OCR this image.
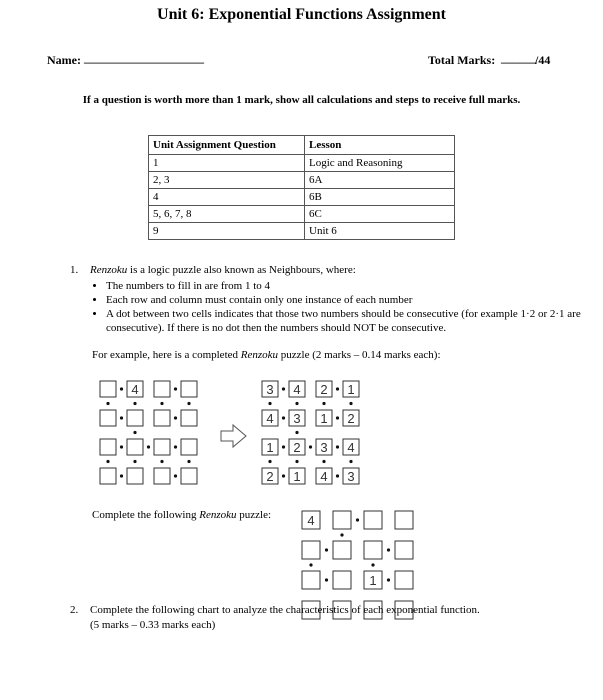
Unit 6: Exponential Functions Assignment
Name: ____________________	Total Marks: ______
/44
If a question is worth more than 1 mark, show all calculations and steps to receive full marks.
Unit Assignment Question	Lesson
1	Logic and Reasoning
2, 3	6A
4	6B
5, 6, 7, 8	6C
9	Unit 6
1. Renzoku is a logic puzzle also known as Neighbours, where:
• The numbers to fill in are from 1 to 4
• Each row and column must contain only one instance of each number
• A dot between two cells indicates that those two numbers should be consecutive (for example 1·2 or 2·1 are consecutive). If there is no dot then the numbers should NOT be consecutive.
For example, here is a completed Renzoku puzzle (2 marks – 0.14 marks each):
Complete the following Renzoku puzzle:
4	3 4 2 1
4 3 1 2
1 2 3 4
2 1 4 3
4
1
2. Complete the following chart to analyze the characteristics of each exponential function.
(5 marks – 0.33 marks each)
